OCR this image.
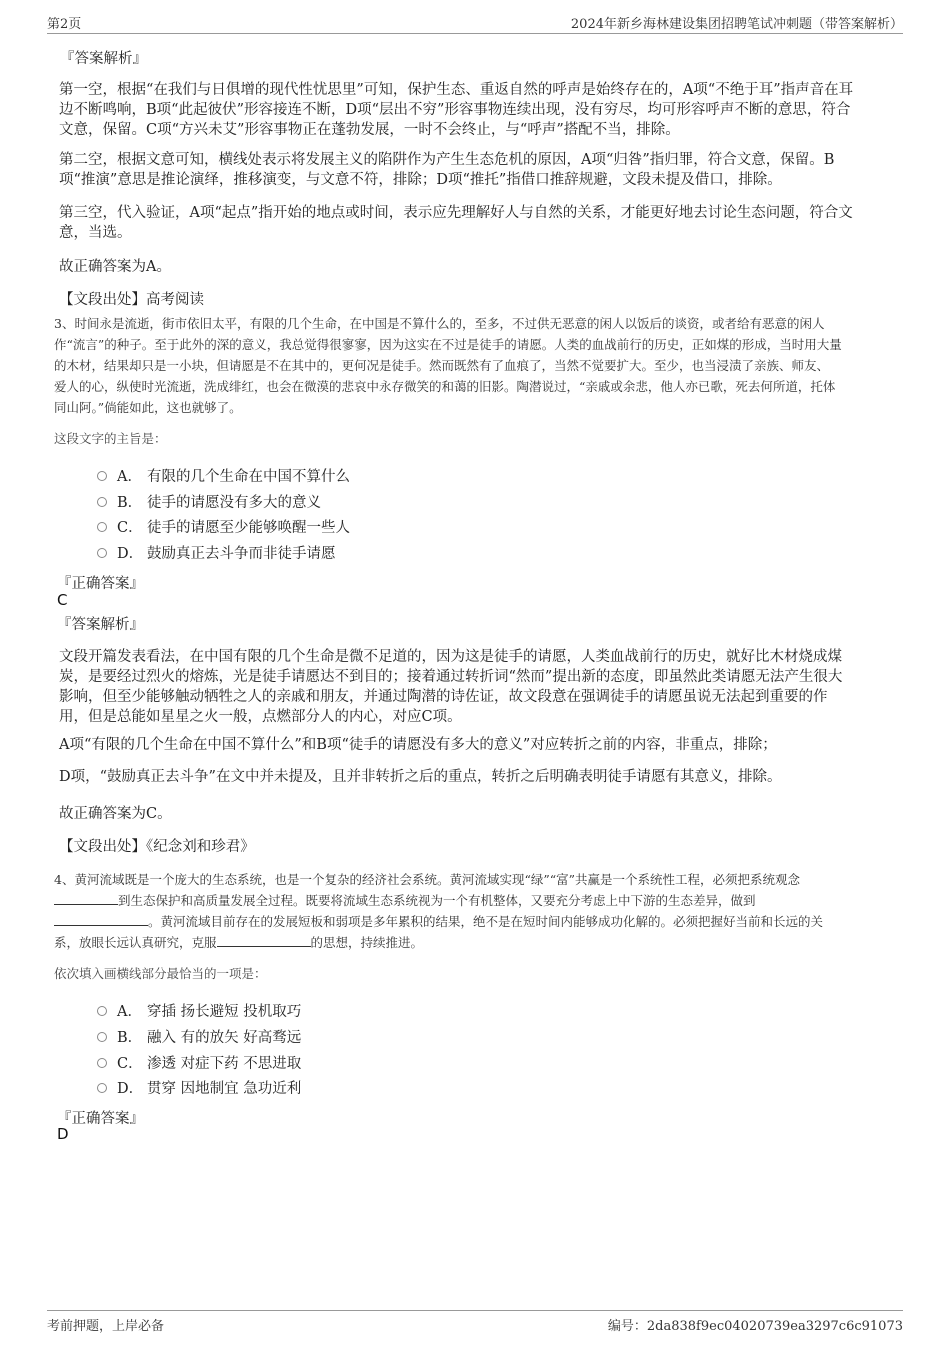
第2页	2024年新乡海林建设集团招聘笔试冲刺题（带答案解析）

『答案解析』

第一空，根据“在我们与日俱增的现代性忧思里”可知，保护生态、重返自然的呼声是始终存在的，A项“不绝于耳”指声音在耳
边不断鸣响，B项“此起彼伏”形容接连不断，D项“层出不穷”形容事物连续出现，没有穷尽，均可形容呼声不断的意思，符合
文意，保留。C项“方兴未艾”形容事物正在蓬勃发展，一时不会终止，与“呼声”搭配不当，排除。
第二空，根据文意可知，横线处表示将发展主义的陷阱作为产生生态危机的原因，A项“归咎”指归罪，符合文意，保留。B
项“推演”意思是推论演绎，推移演变，与文意不符，排除；D项“推托”指借口推辞规避，文段未提及借口，排除。
第三空，代入验证，A项“起点”指开始的地点或时间，表示应先理解好人与自然的关系，才能更好地去讨论生态问题，符合文
意，当选。

故正确答案为A。

【文段出处】高考阅读

3、时间永是流逝，街市依旧太平，有限的几个生命，在中国是不算什么的，至多，不过供无恶意的闲人以饭后的谈资，或者给有恶意的闲人
作“流言”的种子。至于此外的深的意义，我总觉得很寥寥，因为这实在不过是徒手的请愿。人类的血战前行的历史，正如煤的形成，当时用大量
的木材，结果却只是一小块，但请愿是不在其中的，更何况是徒手。然而既然有了血痕了，当然不觉要扩大。至少，也当浸渍了亲族、师友、
爱人的心，纵使时光流逝，洗成绯红，也会在微漠的悲哀中永存微笑的和蔼的旧影。陶潜说过，“亲戚或余悲，他人亦已歌，死去何所道，托体
同山阿。”倘能如此，这也就够了。

这段文字的主旨是：

A． 有限的几个生命在中国不算什么
B． 徒手的请愿没有多大的意义
C． 徒手的请愿至少能够唤醒一些人
D． 鼓励真正去斗争而非徒手请愿

『正确答案』

C

『答案解析』

文段开篇发表看法，在中国有限的几个生命是微不足道的，因为这是徒手的请愿，人类血战前行的历史，就好比木材烧成煤
炭，是要经过烈火的熔炼，光是徒手请愿达不到目的；接着通过转折词“然而”提出新的态度，即虽然此类请愿无法产生很大
影响，但至少能够触动牺牲之人的亲戚和朋友，并通过陶潜的诗佐证，故文段意在强调徒手的请愿虽说无法起到重要的作
用，但是总能如星星之火一般，点燃部分人的内心，对应C项。

A项“有限的几个生命在中国不算什么”和B项“徒手的请愿没有多大的意义”对应转折之前的内容，非重点，排除；

D项，“鼓励真正去斗争”在文中并未提及，且并非转折之后的重点，转折之后明确表明徒手请愿有其意义，排除。

故正确答案为C。

【文段出处】《纪念刘和珍君》

4、黄河流域既是一个庞大的生态系统，也是一个复杂的经济社会系统。黄河流域实现“绿”“富”共赢是一个系统性工程，必须把系统观念
到生态保护和高质量发展全过程。既要将流域生态系统视为一个有机整体，又要充分考虑上中下游的生态差异，做到
。黄河流域目前存在的发展短板和弱项是多年累积的结果，绝不是在短时间内能够成功化解的。必须把握好当前和长远的关
系，放眼长远认真研究，克服	的思想，持续推进。

依次填入画横线部分最恰当的一项是：

A． 穿插 扬长避短 投机取巧
B． 融入 有的放矢 好高骛远
C． 渗透 对症下药 不思进取
D． 贯穿 因地制宜 急功近利

『正确答案』

D

考前押题，上岸必备	编号：2da838f9ec04020739ea3297c6c91073
